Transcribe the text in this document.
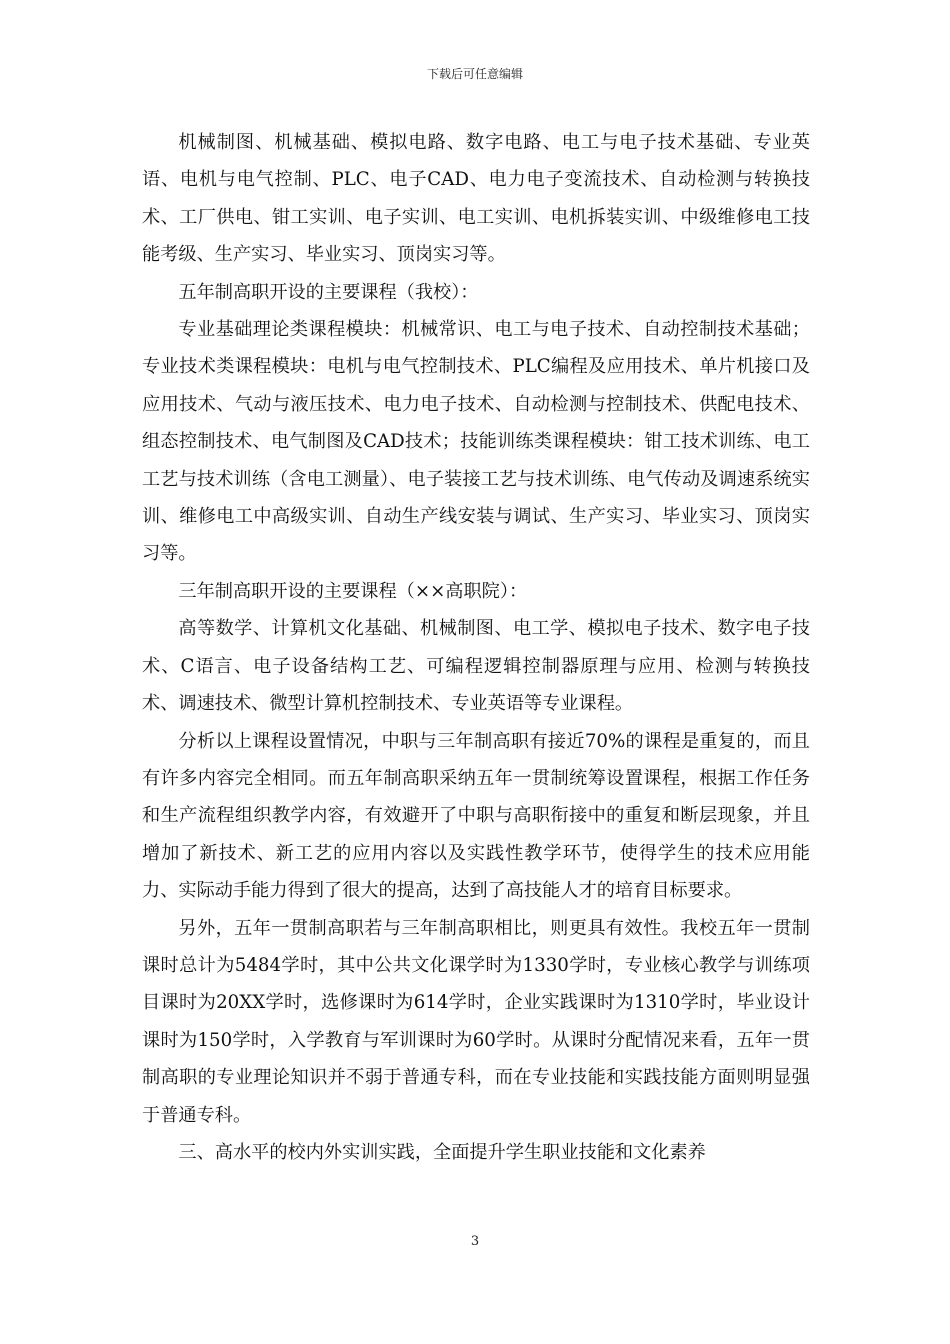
下载后可任意编辑

机械制图、机械基础、模拟电路、数字电路、电工与电子技术基础、专业英语、电机与电气控制、PLC、电子CAD、电力电子变流技术、自动检测与转换技术、工厂供电、钳工实训、电子实训、电工实训、电机拆装实训、中级维修电工技能考级、生产实习、毕业实习、顶岗实习等。

五年制高职开设的主要课程（我校）：

专业基础理论类课程模块：机械常识、电工与电子技术、自动控制技术基础；专业技术类课程模块：电机与电气控制技术、PLC编程及应用技术、单片机接口及应用技术、气动与液压技术、电力电子技术、自动检测与控制技术、供配电技术、组态控制技术、电气制图及CAD技术；技能训练类课程模块：钳工技术训练、电工工艺与技术训练（含电工测量）、电子装接工艺与技术训练、电气传动及调速系统实训、维修电工中高级实训、自动生产线安装与调试、生产实习、毕业实习、顶岗实习等。

三年制高职开设的主要课程（××高职院）：

高等数学、计算机文化基础、机械制图、电工学、模拟电子技术、数字电子技术、C语言、电子设备结构工艺、可编程逻辑控制器原理与应用、检测与转换技术、调速技术、微型计算机控制技术、专业英语等专业课程。

分析以上课程设置情况，中职与三年制高职有接近70%的课程是重复的，而且有许多内容完全相同。而五年制高职采纳五年一贯制统筹设置课程，根据工作任务和生产流程组织教学内容，有效避开了中职与高职衔接中的重复和断层现象，并且增加了新技术、新工艺的应用内容以及实践性教学环节，使得学生的技术应用能力、实际动手能力得到了很大的提高，达到了高技能人才的培育目标要求。

另外，五年一贯制高职若与三年制高职相比，则更具有效性。我校五年一贯制课时总计为5484学时，其中公共文化课学时为1330学时，专业核心教学与训练项目课时为20XX学时，选修课时为614学时，企业实践课时为1310学时，毕业设计课时为150学时，入学教育与军训课时为60学时。从课时分配情况来看，五年一贯制高职的专业理论知识并不弱于普通专科，而在专业技能和实践技能方面则明显强于普通专科。

三、高水平的校内外实训实践，全面提升学生职业技能和文化素养

3
